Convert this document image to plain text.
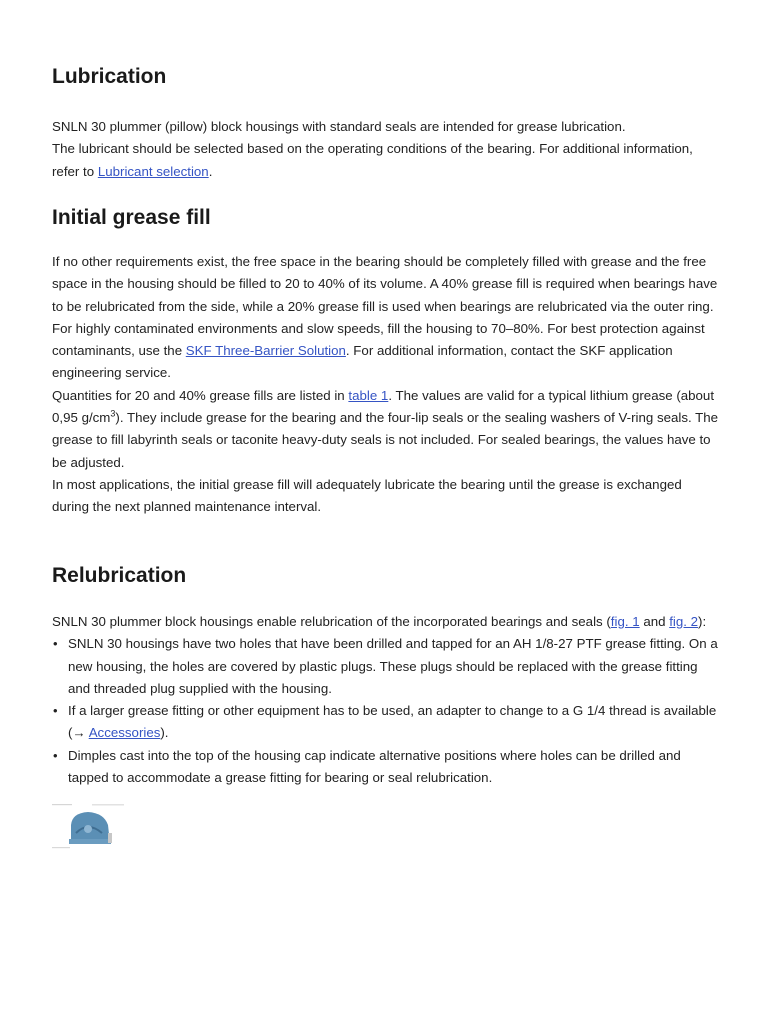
Lubrication

SNLN 30 plummer (pillow) block housings with standard seals are intended for grease lubrication.

The lubricant should be selected based on the operating conditions of the bearing. For additional information, refer to Lubricant selection.

Initial grease fill

If no other requirements exist, the free space in the bearing should be completely filled with grease and the free space in the housing should be filled to 20 to 40% of its volume. A 40% grease fill is required when bearings have to be relubricated from the side, while a 20% grease fill is used when bearings are relubricated via the outer ring.

For highly contaminated environments and slow speeds, fill the housing to 70–80%. For best protection against contaminants, use the SKF Three-Barrier Solution. For additional information, contact the SKF application engineering service.

Quantities for 20 and 40% grease fills are listed in table 1. The values are valid for a typical lithium grease (about 0,95 $g/cm^3$). They include grease for the bearing and the four-lip seals or the sealing washers of V-ring seals. The grease to fill labyrinth seals or taconite heavy-duty seals is not included. For sealed bearings, the values have to be adjusted.

In most applications, the initial grease fill will adequately lubricate the bearing until the grease is exchanged during the next planned maintenance interval.

Relubrication

SNLN 30 plummer block housings enable relubrication of the incorporated bearings and seals (fig. 1 and fig. 2):

• SNLN 30 housings have two holes that have been drilled and tapped for an AH 1/8-27 PTF grease fitting. On a new housing, the holes are covered by plastic plugs. These plugs should be replaced with the grease fitting and threaded plug supplied with the housing.
• If a larger grease fitting or other equipment has to be used, an adapter to change to a G 1/4 thread is available (→ Accessories).
• Dimples cast into the top of the housing cap indicate alternative positions where holes can be drilled and tapped to accommodate a grease fitting for bearing or seal relubrication.
